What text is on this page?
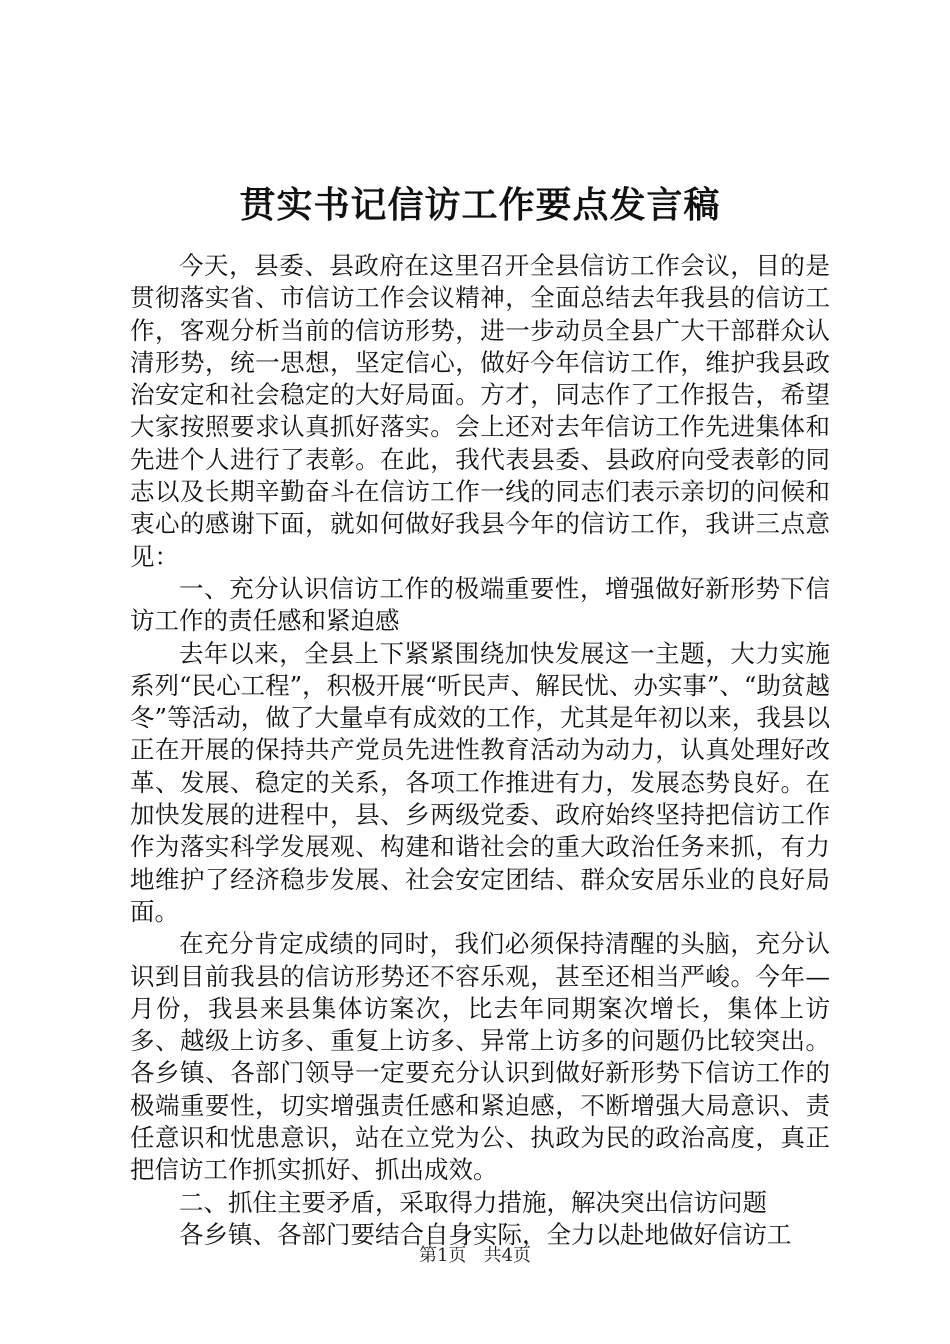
贯实书记信访工作要点发言稿

今天，县委、县政府在这里召开全县信访工作会议，目的是贯彻落实省、市信访工作会议精神，全面总结去年我县的信访工作，客观分析当前的信访形势，进一步动员全县广大干部群众认清形势，统一思想，坚定信心，做好今年信访工作，维护我县政治安定和社会稳定的大好局面。方才，同志作了工作报告，希望大家按照要求认真抓好落实。会上还对去年信访工作先进集体和先进个人进行了表彰。在此，我代表县委、县政府向受表彰的同志以及长期辛勤奋斗在信访工作一线的同志们表示亲切的问候和衷心的感谢下面，就如何做好我县今年的信访工作，我讲三点意见：

一、充分认识信访工作的极端重要性，增强做好新形势下信访工作的责任感和紧迫感

去年以来，全县上下紧紧围绕加快发展这一主题，大力实施系列“民心工程”，积极开展“听民声、解民忧、办实事”、“助贫越冬”等活动，做了大量卓有成效的工作，尤其是年初以来，我县以正在开展的保持共产党员先进性教育活动为动力，认真处理好改革、发展、稳定的关系，各项工作推进有力，发展态势良好。在加快发展的进程中，县、乡两级党委、政府始终坚持把信访工作作为落实科学发展观、构建和谐社会的重大政治任务来抓，有力地维护了经济稳步发展、社会安定团结、群众安居乐业的良好局面。

在充分肯定成绩的同时，我们必须保持清醒的头脑，充分认识到目前我县的信访形势还不容乐观，甚至还相当严峻。今年—月份，我县来县集体访案次，比去年同期案次增长，集体上访多、越级上访多、重复上访多、异常上访多的问题仍比较突出。各乡镇、各部门领导一定要充分认识到做好新形势下信访工作的极端重要性，切实增强责任感和紧迫感，不断增强大局意识、责任意识和忧患意识，站在立党为公、执政为民的政治高度，真正把信访工作抓实抓好、抓出成效。

二、抓住主要矛盾，采取得力措施，解决突出信访问题

各乡镇、各部门要结合自身实际，全力以赴地做好信访工

第1页 共4页
